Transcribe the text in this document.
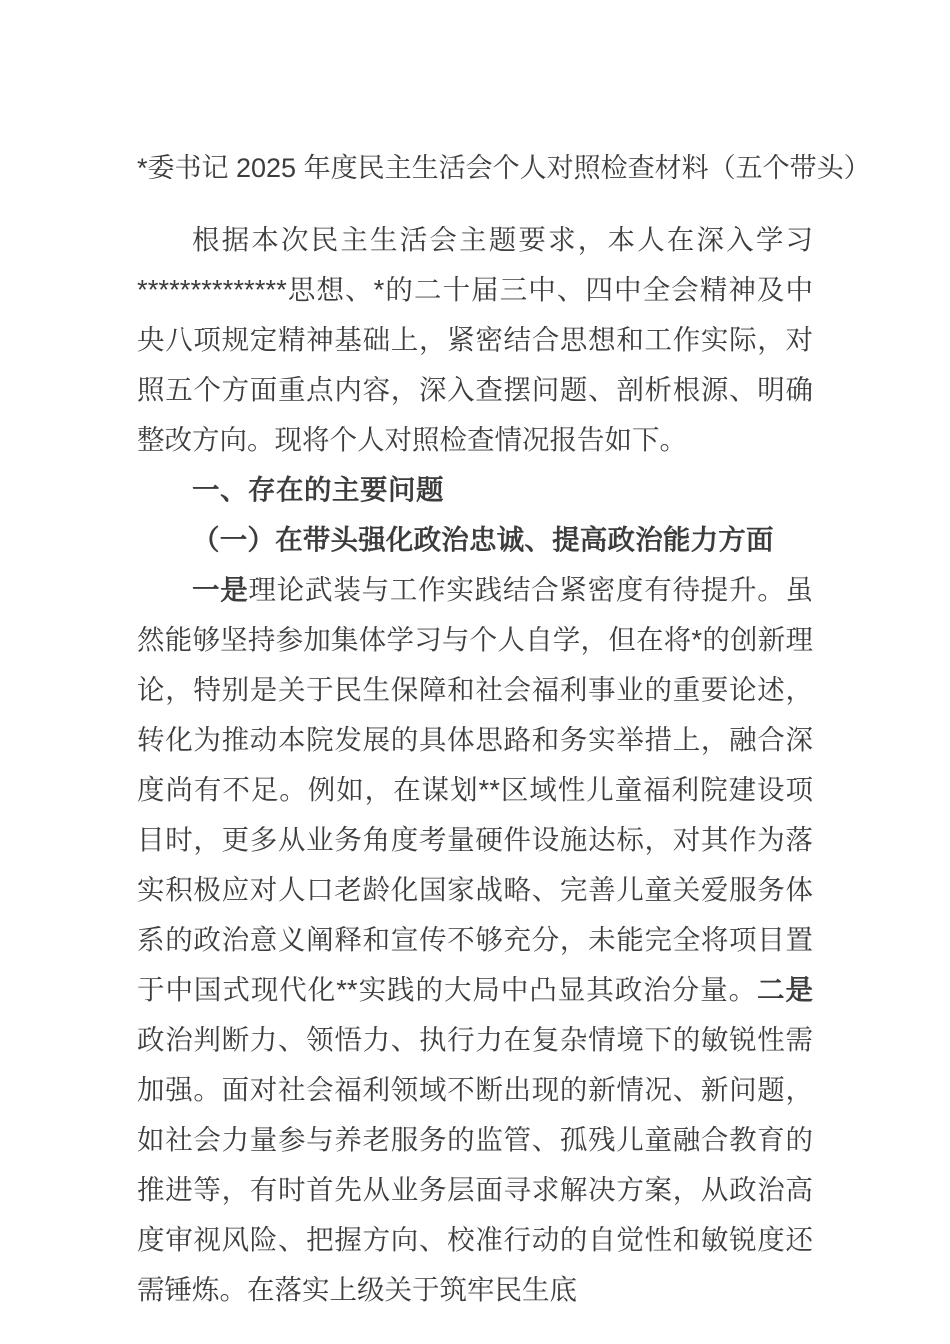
*委书记 2025 年度民主生活会个人对照检查材料（五个带头）

根据本次民主生活会主题要求，本人在深入学习**************思想、*的二十届三中、四中全会精神及中央八项规定精神基础上，紧密结合思想和工作实际，对照五个方面重点内容，深入查摆问题、剖析根源、明确整改方向。现将个人对照检查情况报告如下。

一、存在的主要问题
（一）在带头强化政治忠诚、提高政治能力方面

一是理论武装与工作实践结合紧密度有待提升。虽然能够坚持参加集体学习与个人自学，但在将*的创新理论，特别是关于民生保障和社会福利事业的重要论述，转化为推动本院发展的具体思路和务实举措上，融合深度尚有不足。例如，在谋划**区域性儿童福利院建设项目时，更多从业务角度考量硬件设施达标，对其作为落实积极应对人口老龄化国家战略、完善儿童关爱服务体系的政治意义阐释和宣传不够充分，未能完全将项目置于中国式现代化**实践的大局中凸显其政治分量。二是政治判断力、领悟力、执行力在复杂情境下的敏锐性需加强。面对社会福利领域不断出现的新情况、新问题，如社会力量参与养老服务的监管、孤残儿童融合教育的推进等，有时首先从业务层面寻求解决方案，从政治高度审视风险、把握方向、校准行动的自觉性和敏锐度还需锤炼。在落实上级关于筑牢民生底
